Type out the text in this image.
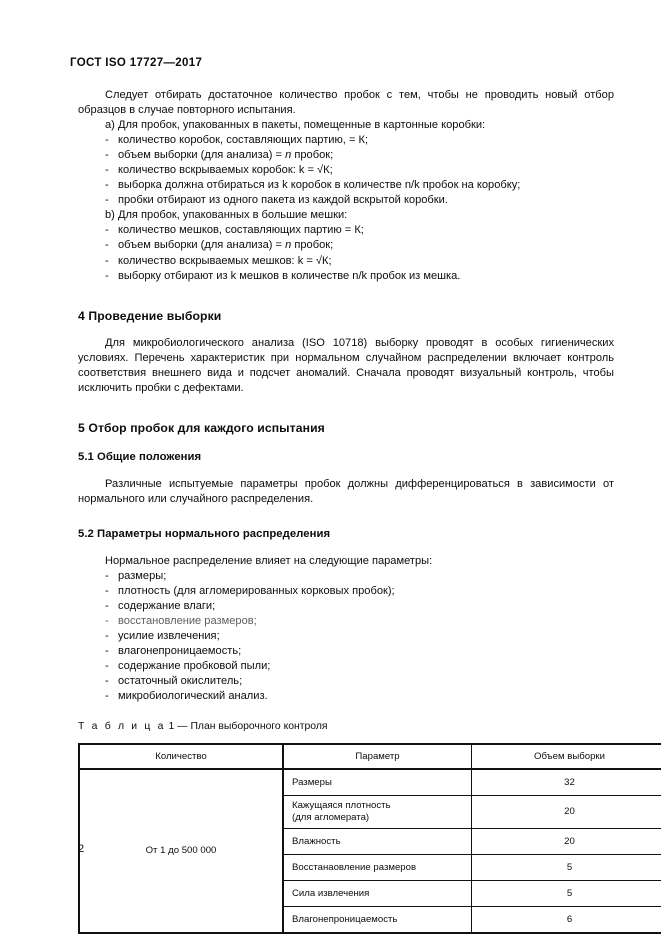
ГОСТ ISO 17727—2017

Следует отбирать достаточное количество пробок с тем, чтобы не проводить новый отбор образцов в случае повторного испытания.

a) Для пробок, упакованных в пакеты, помещенные в картонные коробки:
- количество коробок, составляющих партию, = К;
- объем выборки (для анализа) = n пробок;
- количество вскрываемых коробок: k = √К;
- выборка должна отбираться из k коробок в количестве n/k пробок на коробку;
- пробки отбирают из одного пакета из каждой вскрытой коробки.
b) Для пробок, упакованных в большие мешки:
- количество мешков, составляющих партию = К;
- объем выборки (для анализа) = n пробок;
- количество вскрываемых мешков: k = √К;
- выборку отбирают из k мешков в количестве n/k пробок из мешка.
4 Проведение выборки

Для микробиологического анализа (ISO 10718) выборку проводят в особых гигиенических условиях. Перечень характеристик при нормальном случайном распределении включает контроль соответствия внешнего вида и подсчет аномалий. Сначала проводят визуальный контроль, чтобы исключить пробки с дефектами.

5 Отбор пробок для каждого испытания
5.1 Общие положения

Различные испытуемые параметры пробок должны дифференцироваться в зависимости от нормального или случайного распределения.

5.2 Параметры нормального распределения
Нормальное распределение влияет на следующие параметры:
- размеры;
- плотность (для агломерированных корковых пробок);
- содержание влаги;
- восстановление размеров;
- усилие извлечения;
- влагонепроницаемость;
- содержание пробковой пыли;
- остаточный окислитель;
- микробиологический анализ.

Т а б л и ц а 1 — План выборочного контроля

Количество	Параметр	Объем выборки
От 1 до 500 000	Размеры	32

	Кажущаяся плотность
(для агломерата)	20
	Влажность	20
	Восстанаовление размеров	5
	Сила извлечения	5
	Влагонепроницаемость	6
2
